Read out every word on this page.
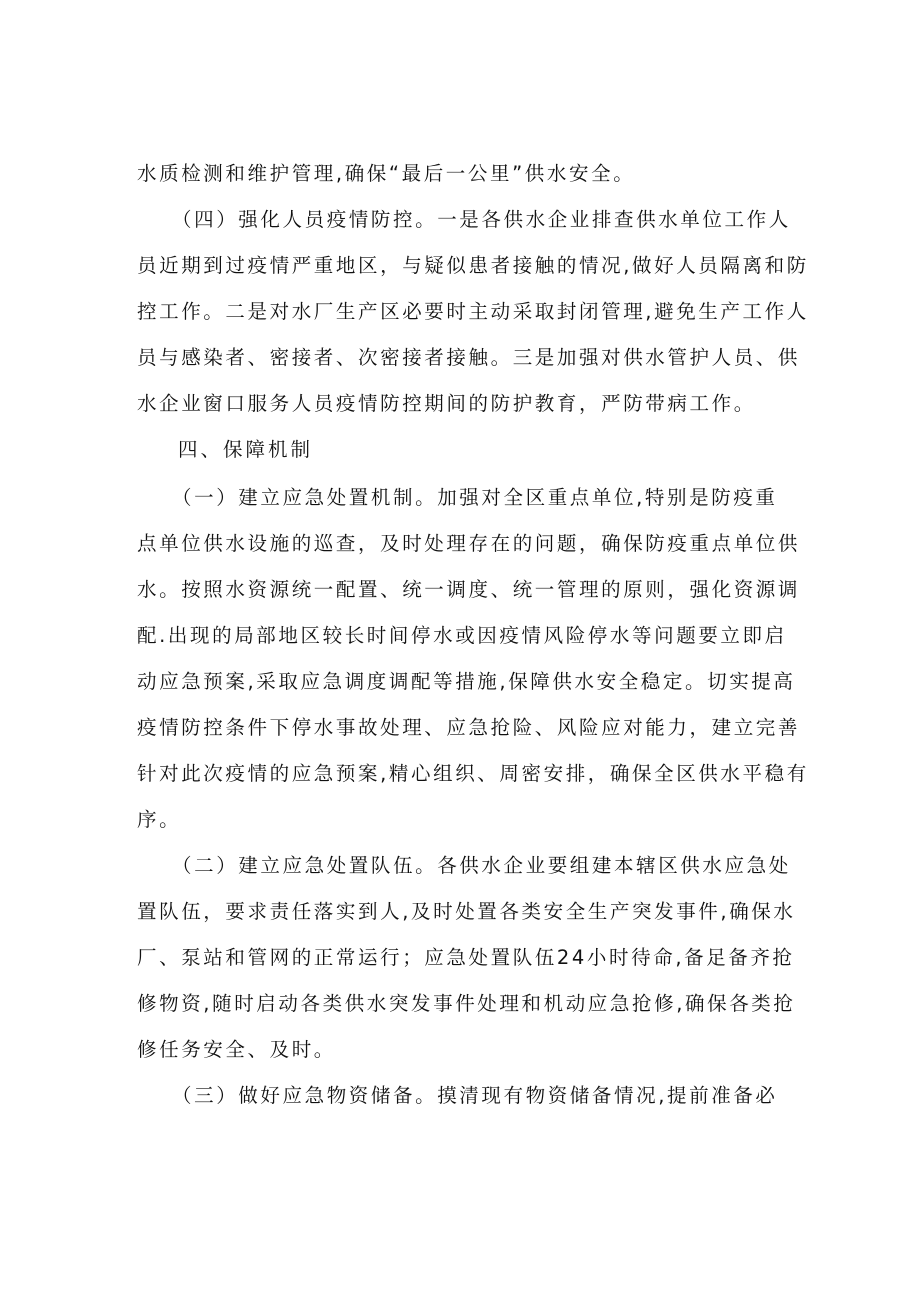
水质检测和维护管理,确保“最后一公里”供水安全。
（四）强化人员疫情防控。一是各供水企业排查供水单位工作人
员近期到过疫情严重地区，与疑似患者接触的情况,做好人员隔离和防
控工作。二是对水厂生产区必要时主动采取封闭管理,避免生产工作人
员与感染者、密接者、次密接者接触。三是加强对供水管护人员、供
水企业窗口服务人员疫情防控期间的防护教育，严防带病工作。
四、保障机制
（一）建立应急处置机制。加强对全区重点单位,特别是防疫重
点单位供水设施的巡查，及时处理存在的问题，确保防疫重点单位供
水。按照水资源统一配置、统一调度、统一管理的原则，强化资源调
配.出现的局部地区较长时间停水或因疫情风险停水等问题要立即启
动应急预案,采取应急调度调配等措施,保障供水安全稳定。切实提高
疫情防控条件下停水事故处理、应急抢险、风险应对能力，建立完善
针对此次疫情的应急预案,精心组织、周密安排，确保全区供水平稳有
序。
（二）建立应急处置队伍。各供水企业要组建本辖区供水应急处
置队伍，要求责任落实到人,及时处置各类安全生产突发事件,确保水
厂、泵站和管网的正常运行；应急处置队伍24小时待命,备足备齐抢
修物资,随时启动各类供水突发事件处理和机动应急抢修,确保各类抢
修任务安全、及时。
（三）做好应急物资储备。摸清现有物资储备情况,提前准备必
